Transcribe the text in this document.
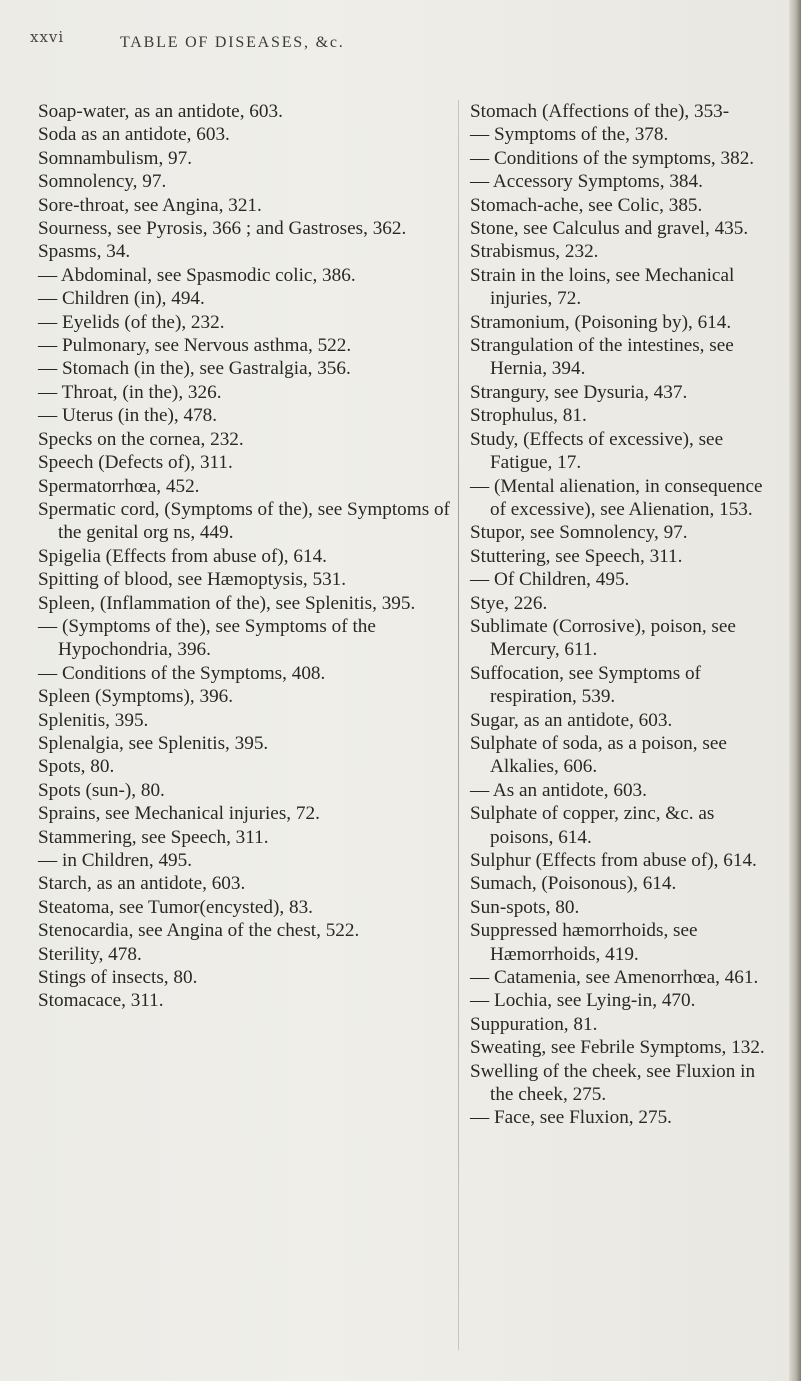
xxvi	TABLE OF DISEASES, &c.

Soap-water, as an antidote, 603.

Soda as an antidote, 603.

Somnambulism, 97.

Somnolency, 97.

Sore-throat, see Angina, 321.

Sourness, see Pyrosis, 366 ; and Gastroses, 362.

Spasms, 34.

— Abdominal, see Spasmodic colic, 386.

— Children (in), 494.

— Eyelids (of the), 232.

— Pulmonary, see Nervous asthma, 522.

— Stomach (in the), see Gastralgia, 356.

— Throat, (in the), 326.

— Uterus (in the), 478.

Specks on the cornea, 232.

Speech (Defects of), 311.

Spermatorrhœa, 452.

Spermatic cord, (Symptoms of the), see Symptoms of the genital org ns, 449.

Spigelia (Effects from abuse of), 614.

Spitting of blood, see Hæmoptysis, 531.

Spleen, (Inflammation of the), see Splenitis, 395.

— (Symptoms of the), see Symptoms of the Hypochondria, 396.

— Conditions of the Symptoms, 408.

Spleen (Symptoms), 396.

Splenitis, 395.

Splenalgia, see Splenitis, 395.

Spots, 80.

Spots (sun-), 80.

Sprains, see Mechanical injuries, 72.

Stammering, see Speech, 311.

— in Children, 495.

Starch, as an antidote, 603.

Steatoma, see Tumor(encysted), 83.

Stenocardia, see Angina of the chest, 522.

Sterility, 478.

Stings of insects, 80.

Stomacace, 311.

Stomach (Affections of the), 353-

— Symptoms of the, 378.

— Conditions of the symptoms, 382.

— Accessory Symptoms, 384.

Stomach-ache, see Colic, 385.

Stone, see Calculus and gravel, 435.

Strabismus, 232.

Strain in the loins, see Mechanical injuries, 72.

Stramonium, (Poisoning by), 614.

Strangulation of the intestines, see Hernia, 394.

Strangury, see Dysuria, 437.

Strophulus, 81.

Study, (Effects of excessive), see Fatigue, 17.

— (Mental alienation, in consequence of excessive), see Alienation, 153.

Stupor, see Somnolency, 97.

Stuttering, see Speech, 311.

— Of Children, 495.

Stye, 226.

Sublimate (Corrosive), poison, see Mercury, 611.

Suffocation, see Symptoms of respiration, 539.

Sugar, as an antidote, 603.

Sulphate of soda, as a poison, see Alkalies, 606.

— As an antidote, 603.

Sulphate of copper, zinc, &c. as poisons, 614.

Sulphur (Effects from abuse of), 614.

Sumach, (Poisonous), 614.

Sun-spots, 80.

Suppressed hæmorrhoids, see Hæmorrhoids, 419.

— Catamenia, see Amenorrhœa, 461.

— Lochia, see Lying-in, 470.

Suppuration, 81.

Sweating, see Febrile Symptoms, 132.

Swelling of the cheek, see Fluxion in the cheek, 275.

— Face, see Fluxion, 275.
